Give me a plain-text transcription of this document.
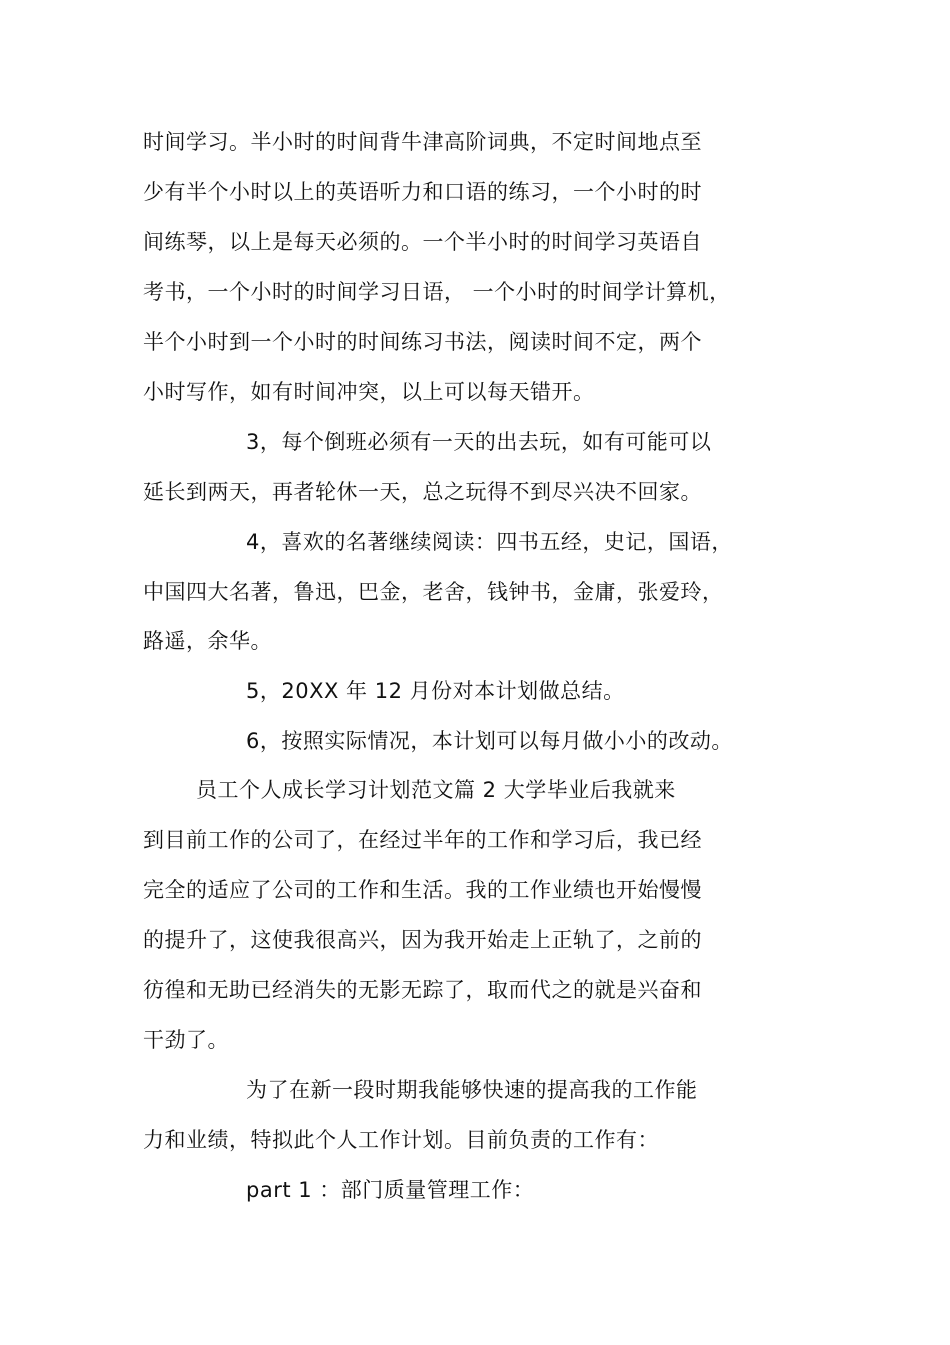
时间学习。半小时的时间背牛津高阶词典，不定时间地点至
少有半个小时以上的英语听力和口语的练习，一个小时的时
间练琴，以上是每天必须的。一个半小时的时间学习英语自
考书，一个小时的时间学习日语， 一个小时的时间学计算机，
半个小时到一个小时的时间练习书法，阅读时间不定，两个
小时写作，如有时间冲突，以上可以每天错开。
3，每个倒班必须有一天的出去玩，如有可能可以
延长到两天，再者轮休一天，总之玩得不到尽兴决不回家。
4，喜欢的名著继续阅读：四书五经，史记，国语，
中国四大名著，鲁迅，巴金，老舍，钱钟书，金庸，张爱玲，
路遥，余华。
5，20XX 年 12 月份对本计划做总结。
6，按照实际情况，本计划可以每月做小小的改动。
员工个人成长学习计划范文篇 2 大学毕业后我就来
到目前工作的公司了，在经过半年的工作和学习后，我已经
完全的适应了公司的工作和生活。我的工作业绩也开始慢慢
的提升了，这使我很高兴，因为我开始走上正轨了，之前的
彷徨和无助已经消失的无影无踪了，取而代之的就是兴奋和
干劲了。
为了在新一段时期我能够快速的提高我的工作能
力和业绩，特拟此个人工作计划。目前负责的工作有：
part 1 ：部门质量管理工作：
